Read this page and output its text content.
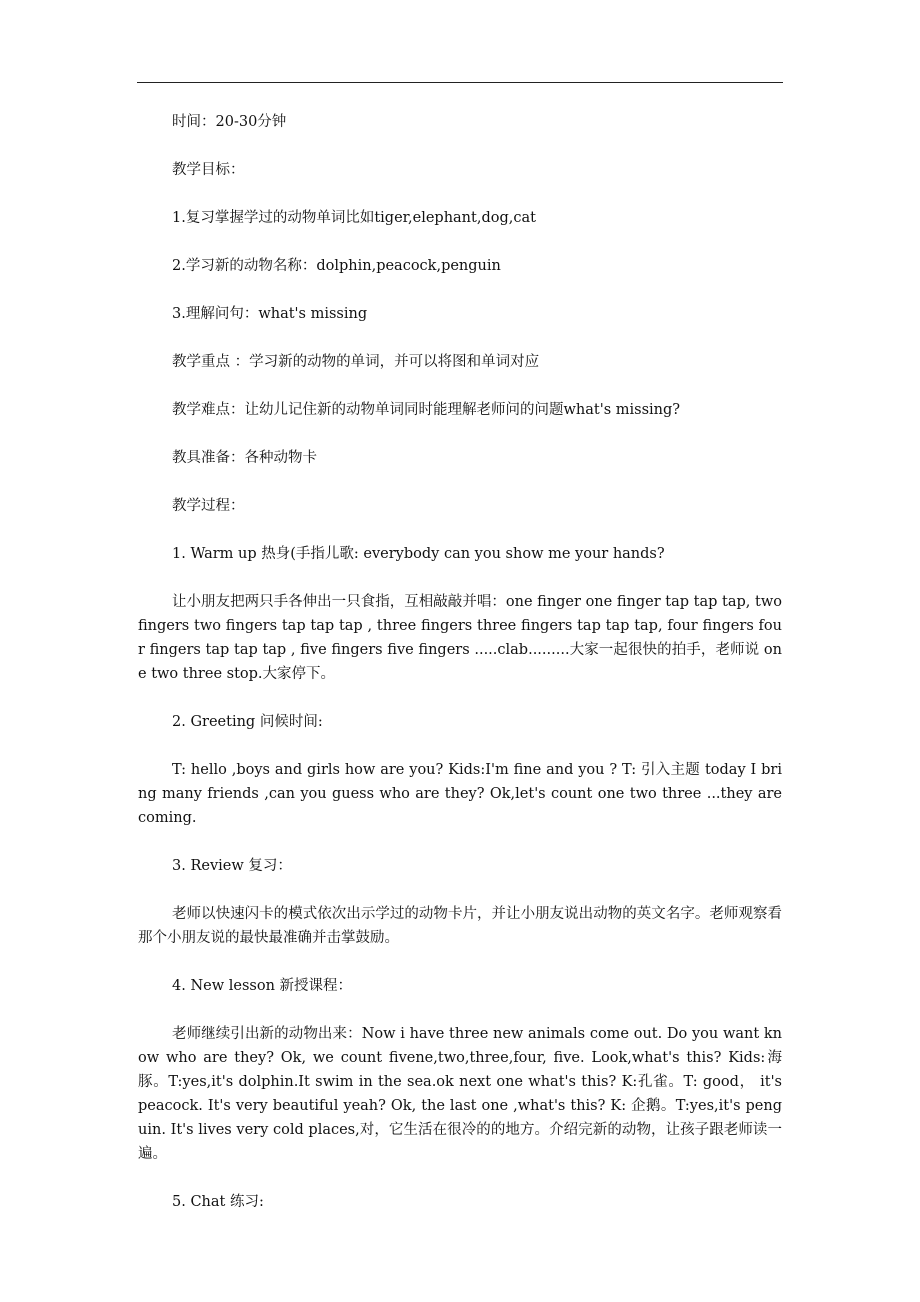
时间：20-30分钟

教学目标：

1.复习掌握学过的动物单词比如tiger,elephant,dog,cat

2.学习新的动物名称：dolphin,peacock,penguin

3.理解问句：what's missing

教学重点 ：学习新的动物的单词，并可以将图和单词对应

教学难点：让幼儿记住新的动物单词同时能理解老师问的问题what's missing?

教具准备：各种动物卡

教学过程：

1. Warm up 热身(手指儿歌: everybody can you show me your hands?

让小朋友把两只手各伸出一只食指，互相敲敲并唱：one finger one finger tap tap tap, two fingers two fingers tap tap tap , three fingers three fingers tap tap tap, four fingers four fingers tap tap tap , five fingers five fingers .....clab.........大家一起很快的拍手，老师说 one two three stop.大家停下。

2. Greeting 问候时间:

T: hello ,boys and girls how are you? Kids:I'm fine and you ? T: 引入主题 today I bring many friends ,can you guess who are they? Ok,let's count one two three ...they are coming.

3. Review 复习：

老师以快速闪卡的模式依次出示学过的动物卡片，并让小朋友说出动物的英文名字。老师观察看那个小朋友说的最快最准确并击掌鼓励。

4. New lesson 新授课程：

老师继续引出新的动物出来：Now i have three new animals come out. Do you want know who are they? Ok, we count fivene,two,three,four, five. Look,what's this? Kids:海豚。T:yes,it's dolphin.It swim in the sea.ok next one what's this? K:孔雀。T: good， it's peacock. It's very beautiful yeah? Ok, the last one ,what's this? K: 企鹅。T:yes,it's penguin. It's lives very cold places,对，它生活在很冷的的地方。介绍完新的动物，让孩子跟老师读一遍。

5. Chat 练习:
